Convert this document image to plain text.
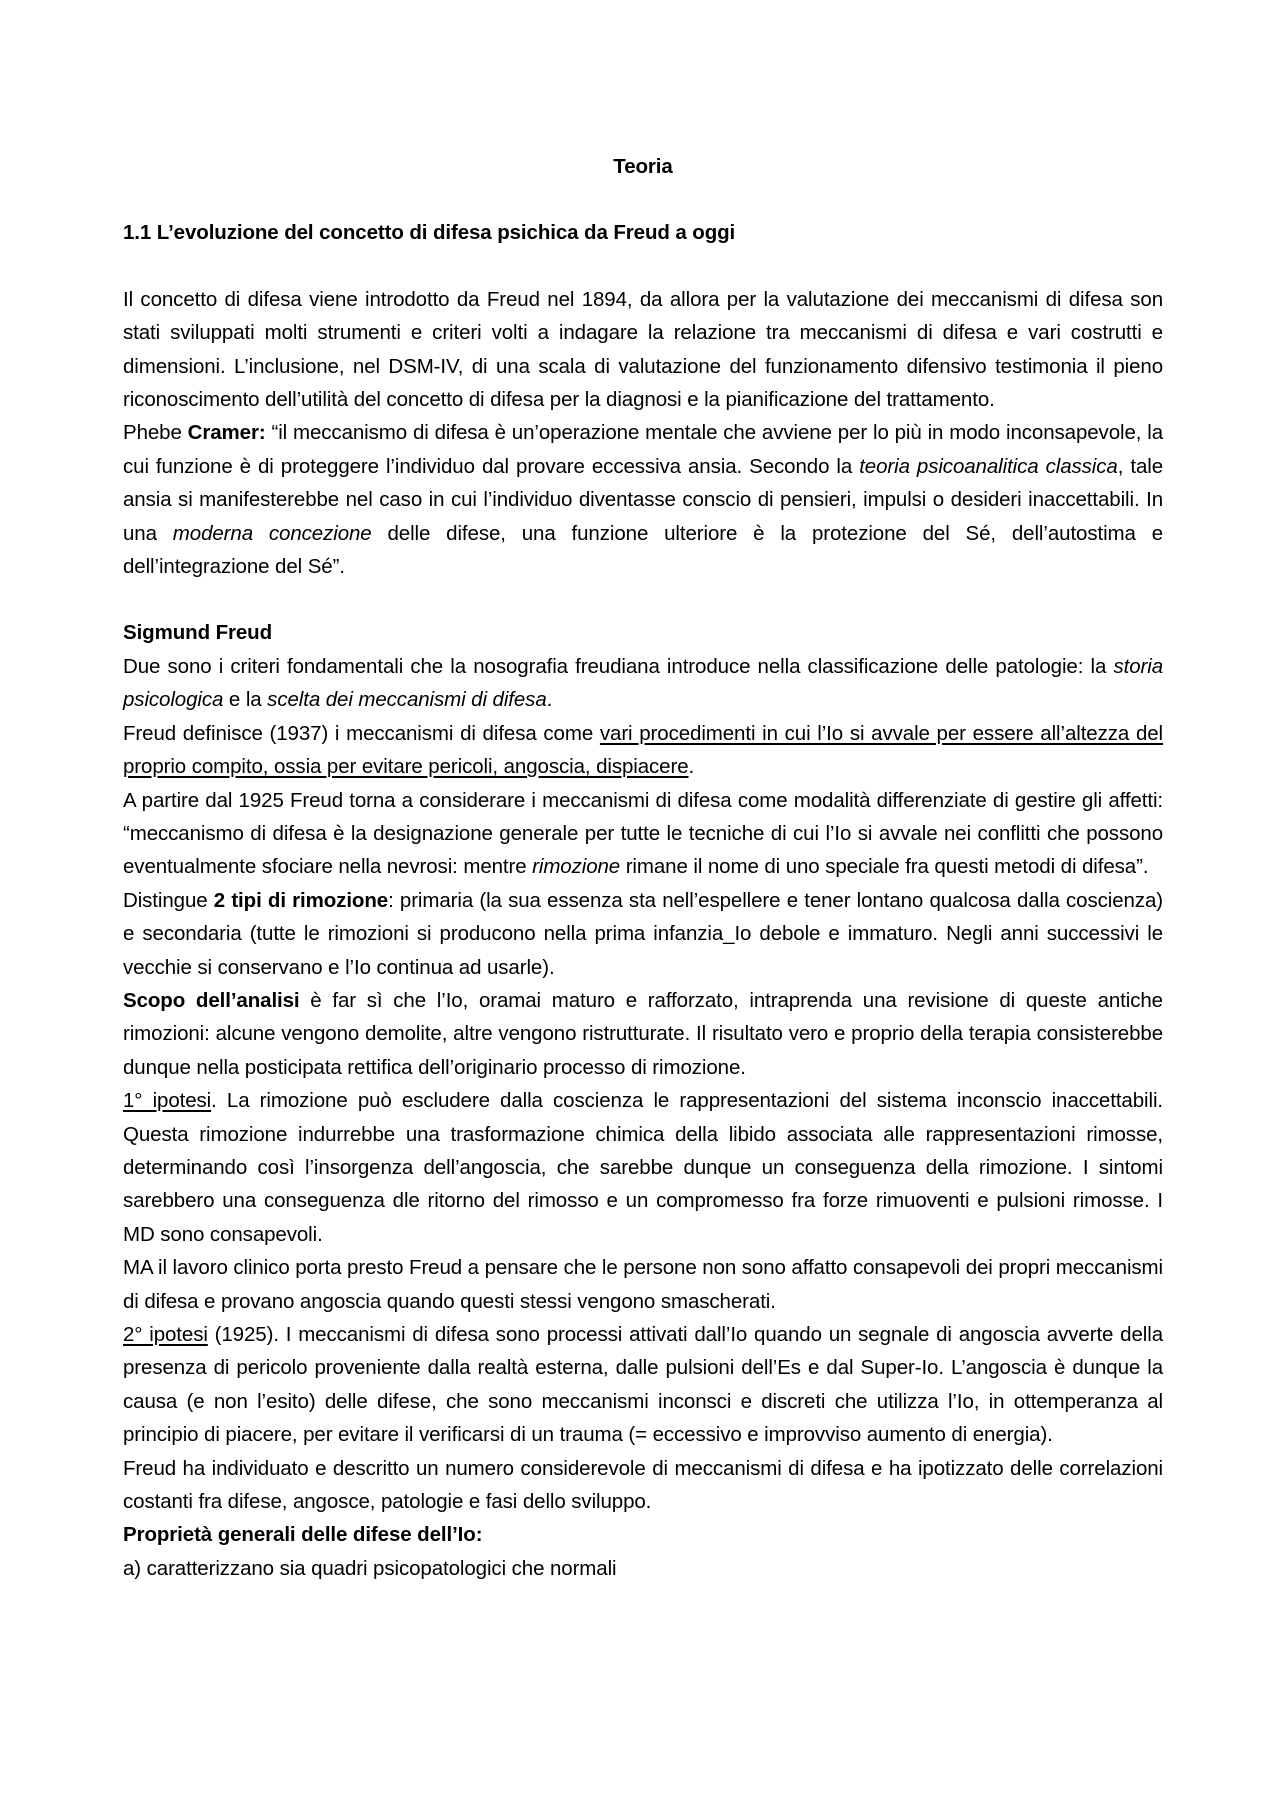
Teoria

1.1 L’evoluzione del concetto di difesa psichica da Freud a oggi

Il concetto di difesa viene introdotto da Freud nel 1894, da allora per la valutazione dei meccanismi di difesa son stati sviluppati molti strumenti e criteri volti a indagare la relazione tra meccanismi di difesa e vari costrutti e dimensioni. L’inclusione, nel DSM-IV, di una scala di valutazione del funzionamento difensivo testimonia il pieno riconoscimento dell’utilità del concetto di difesa per la diagnosi e la pianificazione del trattamento.

Phebe Cramer: “il meccanismo di difesa è un’operazione mentale che avviene per lo più in modo inconsapevole, la cui funzione è di proteggere l’individuo dal provare eccessiva ansia. Secondo la teoria psicoanalitica classica, tale ansia si manifesterebbe nel caso in cui l’individuo diventasse conscio di pensieri, impulsi o desideri inaccettabili. In una moderna concezione delle difese, una funzione ulteriore è la protezione del Sé, dell’autostima e dell’integrazione del Sé”.

Sigmund Freud

Due sono i criteri fondamentali che la nosografia freudiana introduce nella classificazione delle patologie: la storia psicologica e la scelta dei meccanismi di difesa.

Freud definisce (1937) i meccanismi di difesa come vari procedimenti in cui l’Io si avvale per essere all’altezza del proprio compito, ossia per evitare pericoli, angoscia, dispiacere.

A partire dal 1925 Freud torna a considerare i meccanismi di difesa come modalità differenziate di gestire gli affetti: “meccanismo di difesa è la designazione generale per tutte le tecniche di cui l’Io si avvale nei conflitti che possono eventualmente sfociare nella nevrosi: mentre rimozione rimane il nome di uno speciale fra questi metodi di difesa”.

Distingue 2 tipi di rimozione: primaria (la sua essenza sta nell’espellere e tener lontano qualcosa dalla coscienza) e secondaria (tutte le rimozioni si producono nella prima infanzia_Io debole e immaturo. Negli anni successivi le vecchie si conservano e l’Io continua ad usarle).

Scopo dell’analisi è far sì che l’Io, oramai maturo e rafforzato, intraprenda una revisione di queste antiche rimozioni: alcune vengono demolite, altre vengono ristrutturate. Il risultato vero e proprio della terapia consisterebbe dunque nella posticipata rettifica dell’originario processo di rimozione.

1° ipotesi. La rimozione può escludere dalla coscienza le rappresentazioni del sistema inconscio inaccettabili. Questa rimozione indurrebbe una trasformazione chimica della libido associata alle rappresentazioni rimosse, determinando così l’insorgenza dell’angoscia, che sarebbe dunque un conseguenza della rimozione. I sintomi sarebbero una conseguenza dle ritorno del rimosso e un compromesso fra forze rimuoventi e pulsioni rimosse. I MD sono consapevoli.

MA il lavoro clinico porta presto Freud a pensare che le persone non sono affatto consapevoli dei propri meccanismi di difesa e provano angoscia quando questi stessi vengono smascherati.

2° ipotesi (1925). I meccanismi di difesa sono processi attivati dall’Io quando un segnale di angoscia avverte della presenza di pericolo proveniente dalla realtà esterna, dalle pulsioni dell’Es e dal Super-Io. L’angoscia è dunque la causa (e non l’esito) delle difese, che sono meccanismi inconsci e discreti che utilizza l’Io, in ottemperanza al principio di piacere, per evitare il verificarsi di un trauma (= eccessivo e improvviso aumento di energia).

Freud ha individuato e descritto un numero considerevole di meccanismi di difesa e ha ipotizzato delle correlazioni costanti fra difese, angosce, patologie e fasi dello sviluppo.

Proprietà generali delle difese dell’Io:

a) caratterizzano sia quadri psicopatologici che normali
